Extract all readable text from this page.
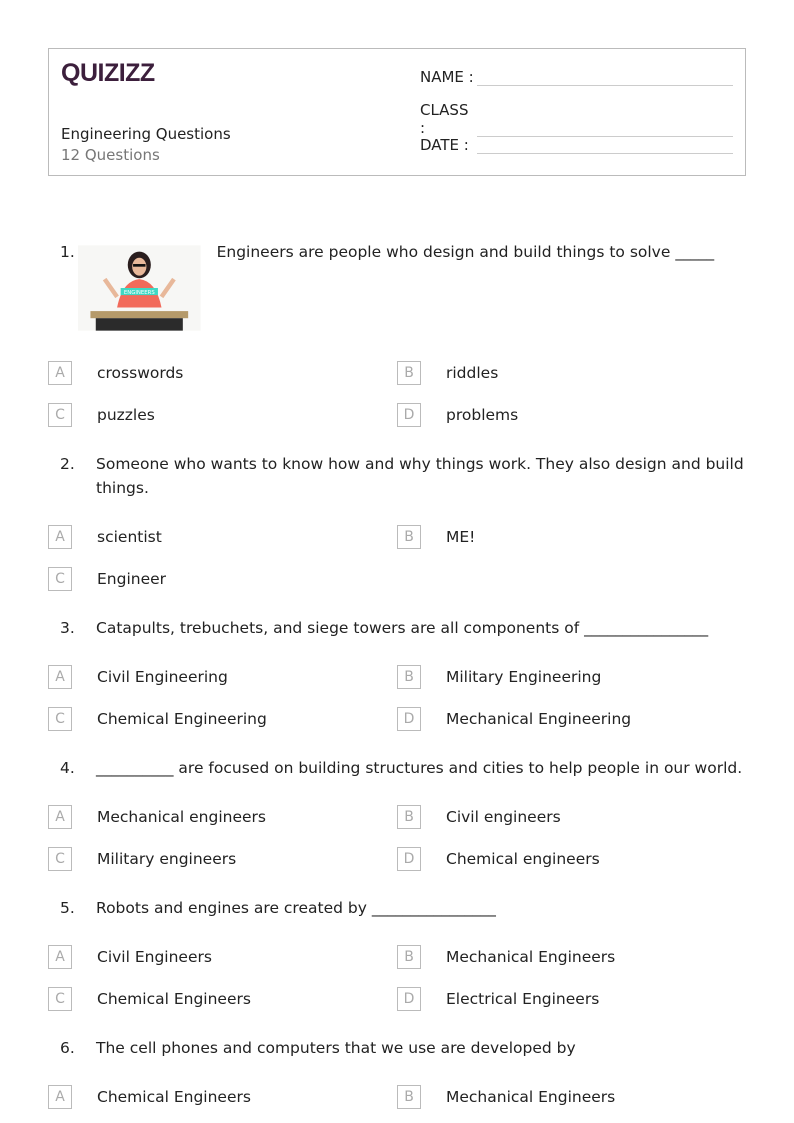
QUIZIZZ
Engineering Questions
12 Questions
NAME :
CLASS :
DATE :
1.
ENGINEERS
Engineers are people who design and build things to solve _____
A	crosswords	B	riddles
C	puzzles	D	problems
2.	Someone who wants to know how and why things work. They also design and build things.
A	scientist	B	ME!
C	Engineer
3.	Catapults, trebuchets, and siege towers are all components of ________________
A	Civil Engineering	B	Military Engineering
C	Chemical Engineering	D	Mechanical Engineering
4.	__________ are focused on building structures and cities to help people in our world.
A	Mechanical engineers	B	Civil engineers
C	Military engineers	D	Chemical engineers
5.	Robots and engines are created by ________________
A	Civil Engineers	B	Mechanical Engineers
C	Chemical Engineers	D	Electrical Engineers
6.	The cell phones and computers that we use are developed by
A	Chemical Engineers	B	Mechanical Engineers
